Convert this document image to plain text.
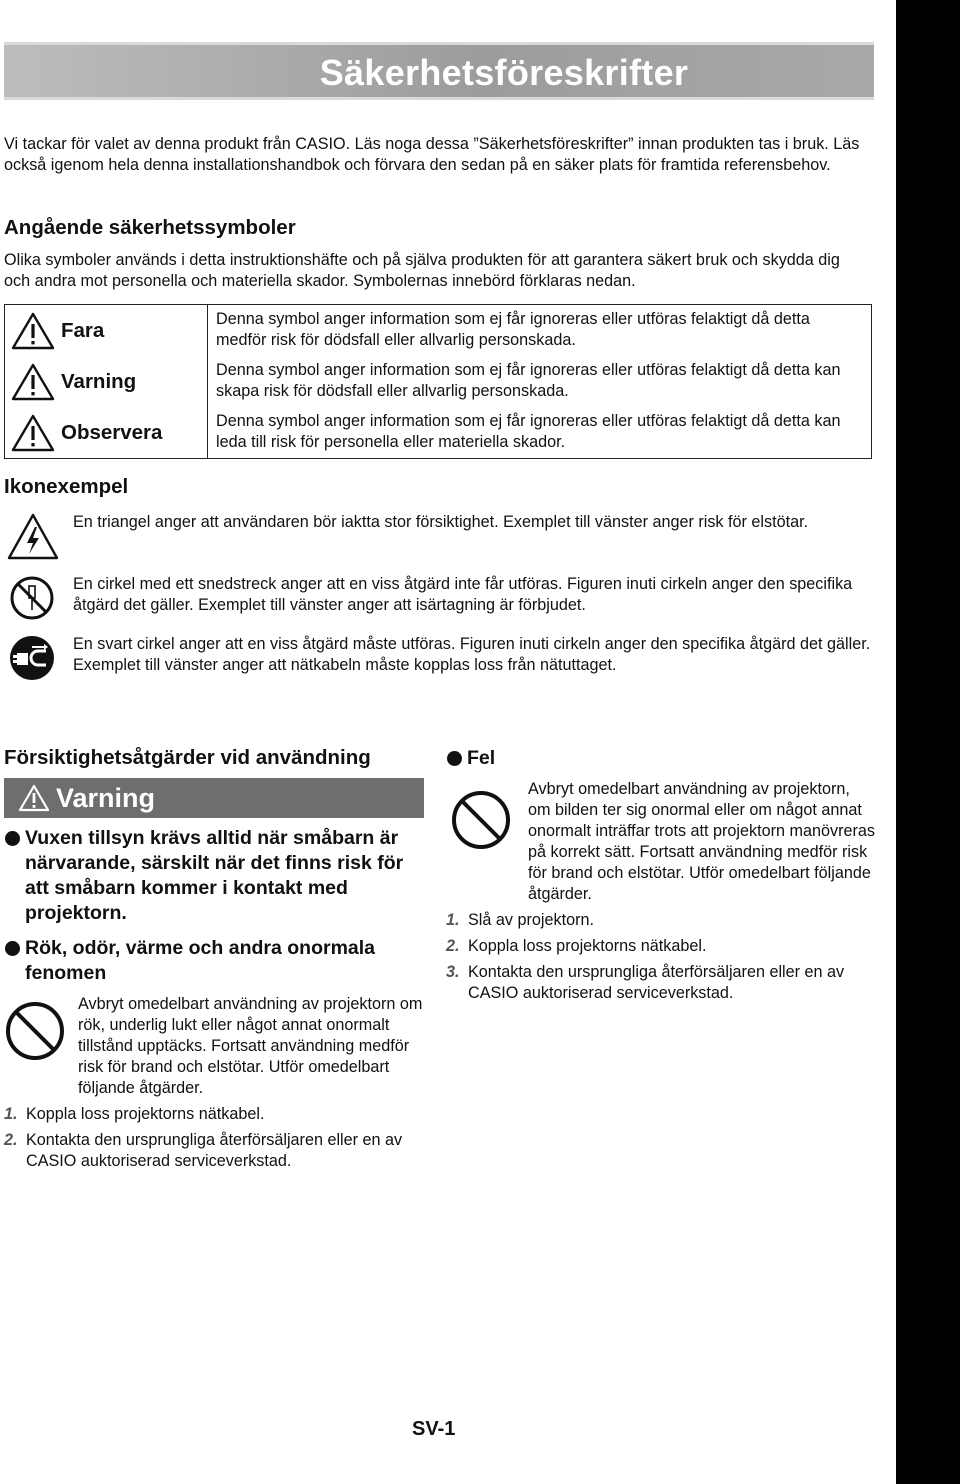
Säkerhetsföreskrifter
Vi tackar för valet av denna produkt från CASIO. Läs noga dessa ”Säkerhetsföreskrifter” innan produkten tas i bruk. Läs också igenom hela denna installationshandbok och förvara den sedan på en säker plats för framtida referensbehov.
Angående säkerhetssymboler
Olika symboler används i detta instruktionshäfte och på själva produkten för att garantera säkert bruk och skydda dig och andra mot personella och materiella skador. Symbolernas innebörd förklaras nedan.
Fara	Denna symbol anger information som ej får ignoreras eller utföras felaktigt då detta medför risk för dödsfall eller allvarlig personskada.

Varning	Denna symbol anger information som ej får ignoreras eller utföras felaktigt då detta kan skapa risk för dödsfall eller allvarlig personskada.

Observera	Denna symbol anger information som ej får ignoreras eller utföras felaktigt då detta kan leda till risk för personella eller materiella skador.
Ikonexempel
En triangel anger att användaren bör iaktta stor försiktighet. Exemplet till vänster anger risk för elstötar.
En cirkel med ett snedstreck anger att en viss åtgärd inte får utföras. Figuren inuti cirkeln anger den specifika åtgärd det gäller. Exemplet till vänster anger att isärtagning är förbjudet.
En svart cirkel anger att en viss åtgärd måste utföras. Figuren inuti cirkeln anger den specifika åtgärd det gäller. Exemplet till vänster anger att nätkabeln måste kopplas loss från nätuttaget.
Försiktighetsåtgärder vid användning
Varning
Vuxen tillsyn krävs alltid när småbarn är närvarande, särskilt när det finns risk för att småbarn kommer i kontakt med projektorn.
Rök, odör, värme och andra onormala fenomen
Avbryt omedelbart användning av projektorn om rök, underlig lukt eller något annat onormalt tillstånd upptäcks. Fortsatt användning medför risk för brand och elstötar. Utför omedelbart följande åtgärder.
1. Koppla loss projektorns nätkabel.
2. Kontakta den ursprungliga återförsäljaren eller en av CASIO auktoriserad serviceverkstad.
Fel
Avbryt omedelbart användning av projektorn, om bilden ter sig onormal eller om något annat onormalt inträffar trots att projektorn manövreras på korrekt sätt. Fortsatt användning medför risk för brand och elstötar. Utför omedelbart följande åtgärder.
1. Slå av projektorn.
2. Koppla loss projektorns nätkabel.
3. Kontakta den ursprungliga återförsäljaren eller en av CASIO auktoriserad serviceverkstad.
SV-1
